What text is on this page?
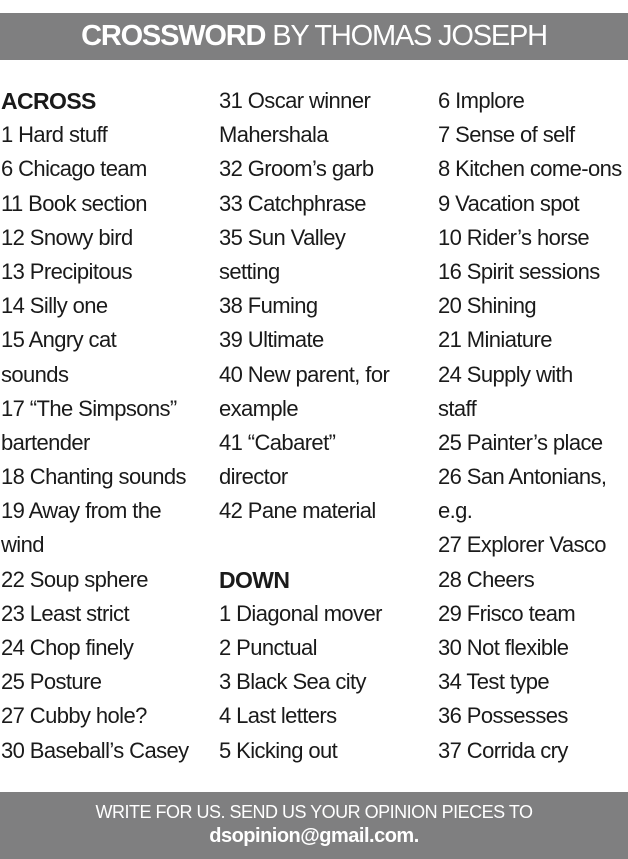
CROSSWORD BY THOMAS JOSEPH
ACROSS
1 Hard stuff
6 Chicago team
11 Book section
12 Snowy bird
13 Precipitous
14 Silly one
15 Angry cat
sounds
17 “The Simpsons”
bartender
18 Chanting sounds
19 Away from the
wind
22 Soup sphere
23 Least strict
24 Chop finely
25 Posture
27 Cubby hole?
30 Baseball’s Casey
31 Oscar winner
Mahershala
32 Groom’s garb
33 Catchphrase
35 Sun Valley
setting
38 Fuming
39 Ultimate
40 New parent, for
example
41 “Cabaret”
director
42 Pane material
DOWN
1 Diagonal mover
2 Punctual
3 Black Sea city
4 Last letters
5 Kicking out
6 Implore
7 Sense of self
8 Kitchen come-ons
9 Vacation spot
10 Rider’s horse
16 Spirit sessions
20 Shining
21 Miniature
24 Supply with
staff
25 Painter’s place
26 San Antonians,
e.g.
27 Explorer Vasco
28 Cheers
29 Frisco team
30 Not flexible
34 Test type
36 Possesses
37 Corrida cry
WRITE FOR US. SEND US YOUR OPINION PIECES TO
dsopinion@gmail.com.
